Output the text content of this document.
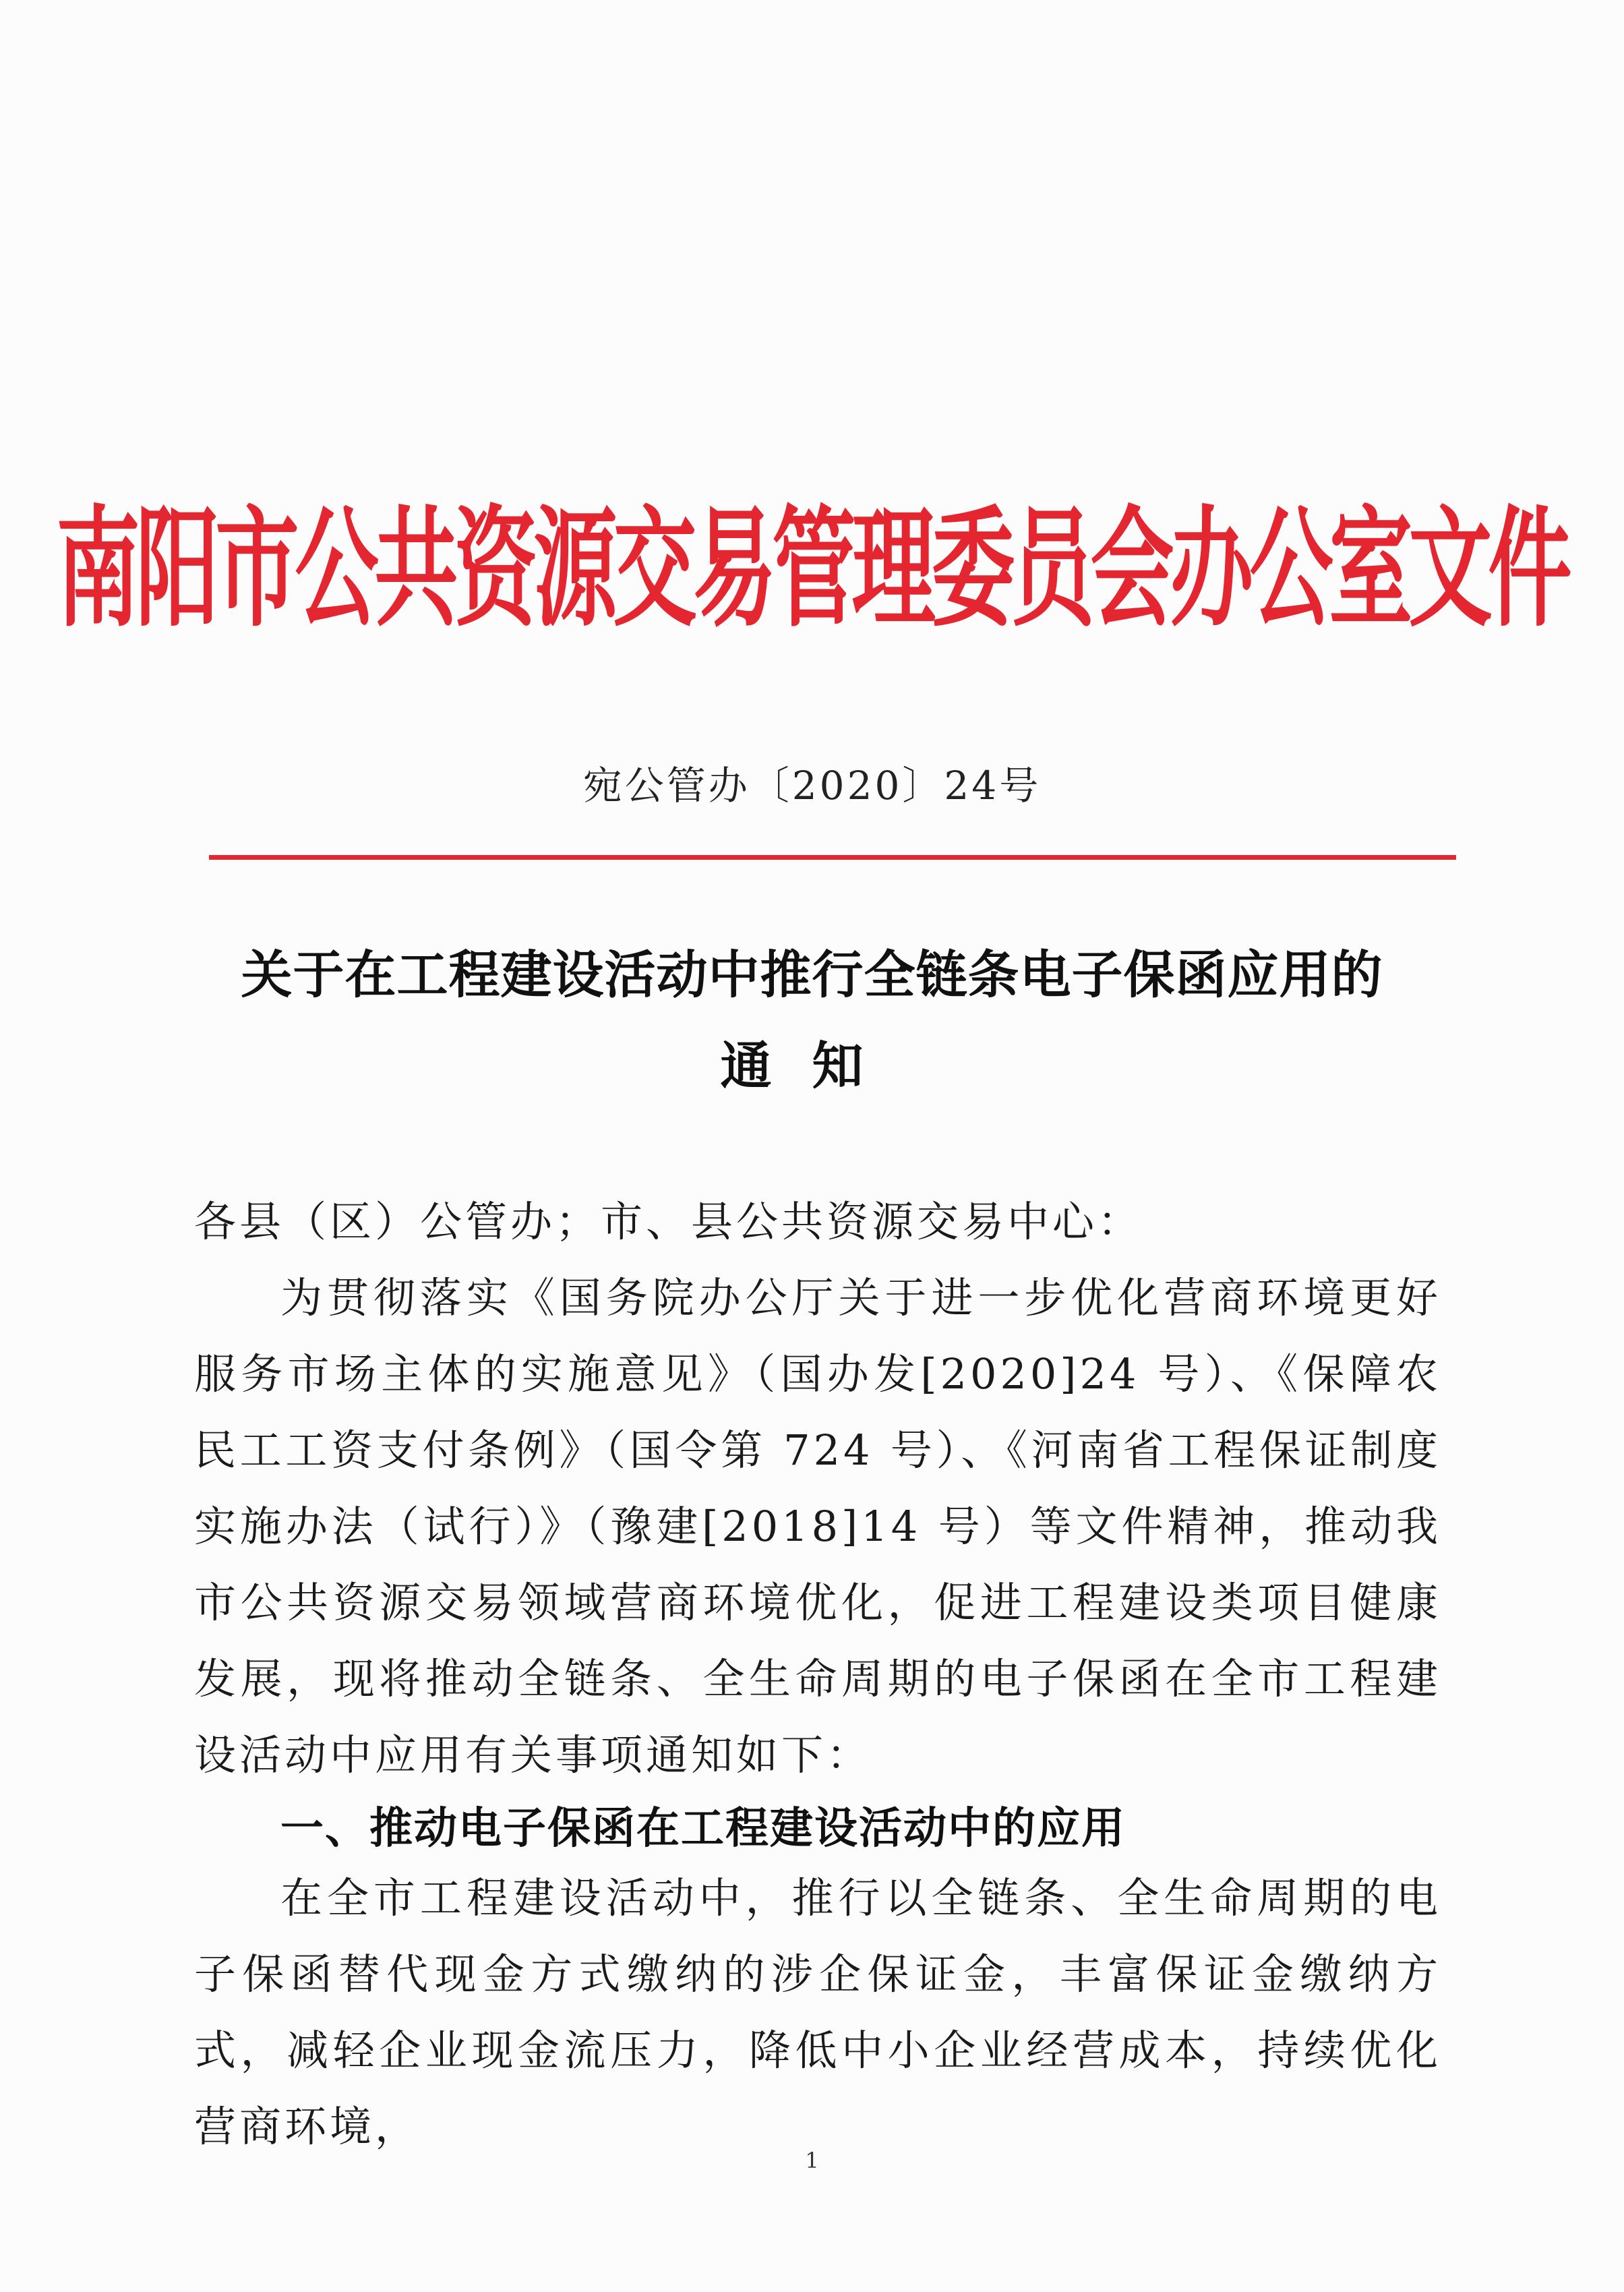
南阳市公共资源交易管理委员会办公室文件
宛公管办〔2020〕24号
关于在工程建设活动中推行全链条电子保函应用的
通知
各县（区）公管办；市、县公共资源交易中心：
为贯彻落实《国务院办公厅关于进一步优化营商环境更好服务市场主体的实施意见》（国办发[2020]24 号）、《保障农民工工资支付条例》（国令第 724 号）、《河南省工程保证制度实施办法（试行）》（豫建[2018]14 号）等文件精神，推动我市公共资源交易领域营商环境优化，促进工程建设类项目健康发展，现将推动全链条、全生命周期的电子保函在全市工程建设活动中应用有关事项通知如下：
一、推动电子保函在工程建设活动中的应用
在全市工程建设活动中，推行以全链条、全生命周期的电子保函替代现金方式缴纳的涉企保证金，丰富保证金缴纳方式，减轻企业现金流压力，降低中小企业经营成本，持续优化营商环境，
1
